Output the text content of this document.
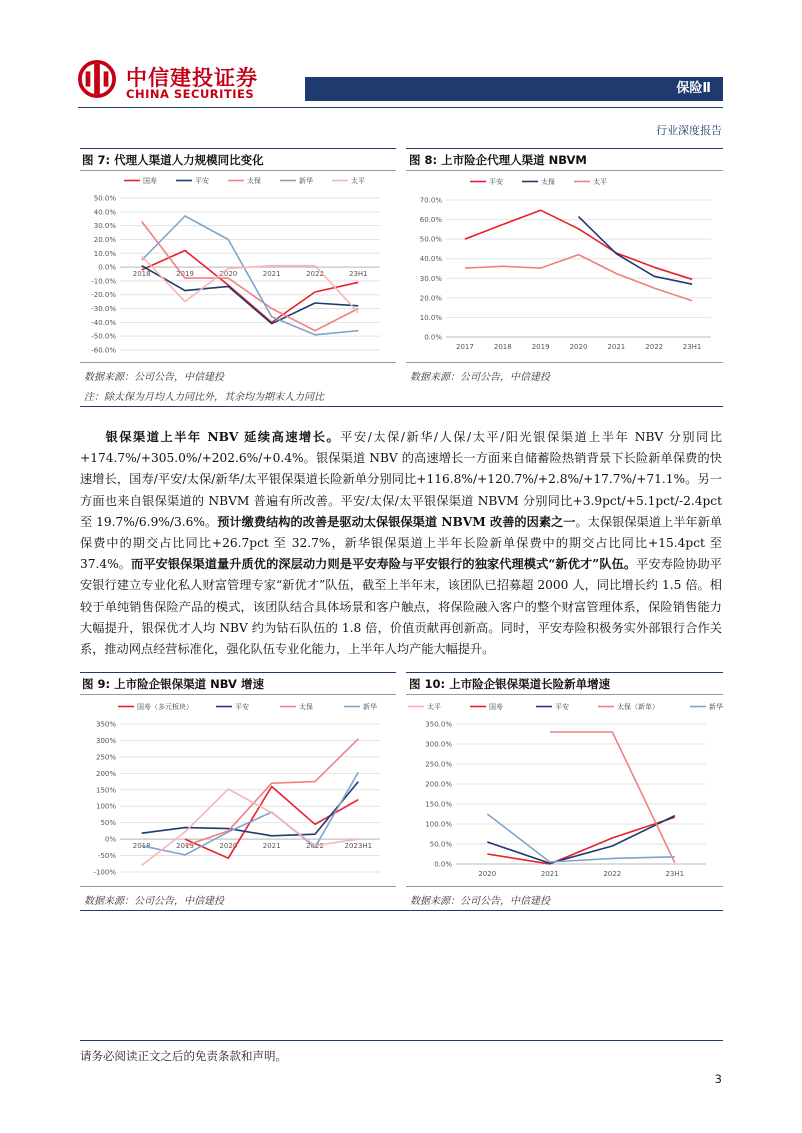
中信建投证券
CHINA SECURITIES	保险Ⅱ
行业深度报告
图 7: 代理人渠道人力规模同比变化
50.0%
40.0%
30.0%
20.0%
10.0%
0.0%
-10.0%
-20.0%
-30.0%
-40.0%
-50.0%
-60.0%
2018	2019	2020	2021	2022	23H1
国寿	平安	太保	新华	太平
数据来源：公司公告，中信建投
注：除太保为月均人力同比外，其余均为期末人力同比
图 8: 上市险企代理人渠道 NBVM
70.0%
60.0%
50.0%
40.0%
30.0%
20.0%
10.0%
0.0%
2017	2018	2019	2020	2021	2022	23H1
平安	太保	太平
数据来源：公司公告，中信建投
银保渠道上半年 NBV 延续高速增长。平安/太保/新华/人保/太平/阳光银保渠道上半年 NBV 分别同比+174.7%/+305.0%/+202.6%/+0.4%。银保渠道 NBV 的高速增长一方面来自储蓄险热销背景下长险新单保费的快速增长，国寿/平安/太保/新华/太平银保渠道长险新单分别同比+116.8%/+120.7%/+2.8%/+17.7%/+71.1%。另一方面也来自银保渠道的 NBVM 普遍有所改善。平安/太保/太平银保渠道 NBVM 分别同比+3.9pct/+5.1pct/-2.4pct 至 19.7%/6.9%/3.6%。预计缴费结构的改善是驱动太保银保渠道 NBVM 改善的因素之一。太保银保渠道上半年新单保费中的期交占比同比+26.7pct 至 32.7%，新华银保渠道上半年长险新单保费中的期交占比同比+15.4pct 至 37.4%。而平安银保渠道量升质优的深层动力则是平安寿险与平安银行的独家代理模式“新优才”队伍。平安寿险协助平安银行建立专业化私人财富管理专家“新优才”队伍，截至上半年末，该团队已招募超 2000 人，同比增长约 1.5 倍。相较于单纯销售保险产品的模式，该团队结合具体场景和客户触点，将保险融入客户的整个财富管理体系，保险销售能力大幅提升，银保优才人均 NBV 约为钻石队伍的 1.8 倍，价值贡献再创新高。同时，平安寿险积极务实外部银行合作关系，推动网点经营标准化，强化队伍专业化能力，上半年人均产能大幅提升。
图 9: 上市险企银保渠道 NBV 增速
350%
300%
250%
200%
150%
100%
50%
0%
-50%
-100%
2018	2019	2020	2021	2022	2023H1
国寿（多元板块）	平安	太保	新华	太平
数据来源：公司公告，中信建投
图 10: 上市险企银保渠道长险新单增速
350.0%
300.0%
250.0%
200.0%
150.0%
100.0%
50.0%
0.0%
2020	2021	2022	23H1
国寿	平安	太保（新单）	新华
数据来源：公司公告，中信建投
请务必阅读正文之后的免责条款和声明。
3
